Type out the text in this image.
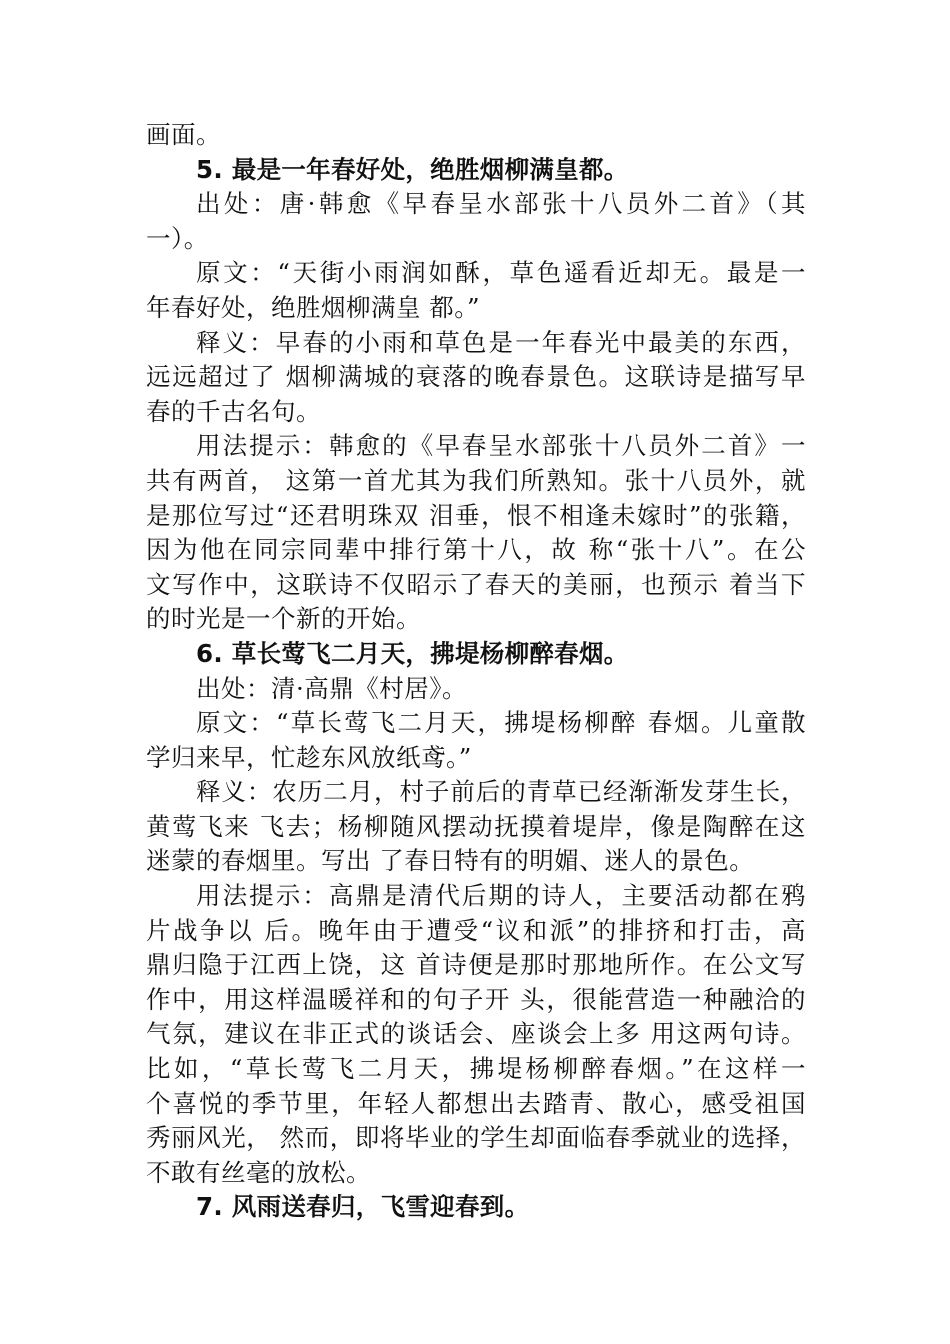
画面。
5. 最是一年春好处，绝胜烟柳满皇都。
出处：唐·韩愈《早春呈水部张十八员外二首》（其
一）。
原文：“天街小雨润如酥，草色遥看近却无。最是一
年春好处，绝胜烟柳满皇 都。”
释义：早春的小雨和草色是一年春光中最美的东西，
远远超过了 烟柳满城的衰落的晚春景色。这联诗是描写早
春的千古名句。
用法提示：韩愈的《早春呈水部张十八员外二首》一
共有两首， 这第一首尤其为我们所熟知。张十八员外，就
是那位写过“还君明珠双 泪垂，恨不相逢未嫁时”的张籍，
因为他在同宗同辈中排行第十八，故 称“张十八”。在公
文写作中，这联诗不仅昭示了春天的美丽，也预示 着当下
的时光是一个新的开始。
6. 草长莺飞二月天，拂堤杨柳醉春烟。
出处：清·高鼎《村居》。
原文：“草长莺飞二月天，拂堤杨柳醉 春烟。儿童散
学归来早，忙趁东风放纸鸢。”
释义：农历二月，村子前后的青草已经渐渐发芽生长，
黄莺飞来 飞去；杨柳随风摆动抚摸着堤岸，像是陶醉在这
迷蒙的春烟里。写出 了春日特有的明媚、迷人的景色。
用法提示：高鼎是清代后期的诗人，主要活动都在鸦
片战争以 后。晚年由于遭受“议和派”的排挤和打击，高
鼎归隐于江西上饶，这 首诗便是那时那地所作。在公文写
作中，用这样温暖祥和的句子开 头，很能营造一种融洽的
气氛，建议在非正式的谈话会、座谈会上多 用这两句诗。
比如，“草长莺飞二月天，拂堤杨柳醉春烟。”在这样一
个喜悦的季节里，年轻人都想出去踏青、散心，感受祖国
秀丽风光， 然而，即将毕业的学生却面临春季就业的选择，
不敢有丝毫的放松。
7. 风雨送春归，飞雪迎春到。
